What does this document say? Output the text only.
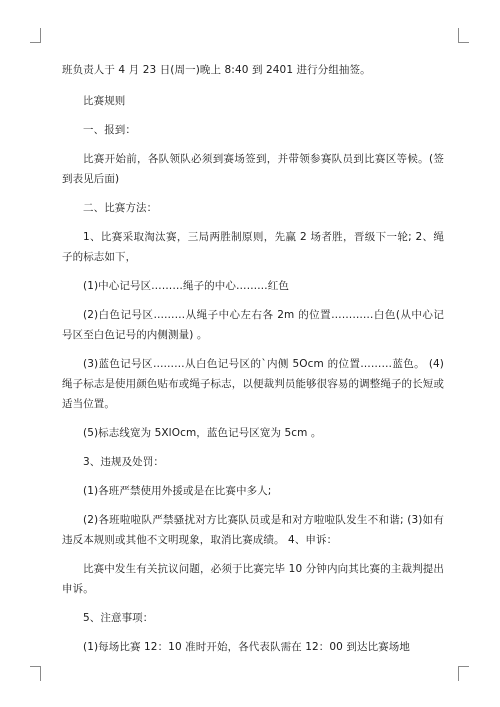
班负责人于 4 月 23 日(周一)晚上 8:40 到 2401 进行分组抽签。

比赛规则

一、报到：

比赛开始前，各队领队必须到赛场签到，并带领参赛队员到比赛区等候。(签到表见后面)

二、比赛方法：

1、比赛采取淘汰赛，三局两胜制原则，先赢 2 场者胜，晋级下一轮; 2、绳子的标志如下，

(1)中心记号区………绳子的中心………红色

(2)白色记号区………从绳子中心左右各 2m 的位置…………白色(从中心记号区至白色记号的内侧测量) 。

(3)蓝色记号区………从白色记号区的`内侧 5Ocm 的位置………蓝色。 (4)绳子标志是使用颜色贴布或绳子标志，以便裁判员能够很容易的调整绳子的长短或适当位置。

(5)标志线宽为 5XlOcm，蓝色记号区宽为 5cm 。

3、违规及处罚：

(1)各班严禁使用外援或是在比赛中多人;

(2)各班啦啦队严禁骚扰对方比赛队员或是和对方啦啦队发生不和谐; (3)如有违反本规则或其他不文明现象，取消比赛成绩。 4、申诉：

比赛中发生有关抗议问题，必须于比赛完毕 10 分钟内向其比赛的主裁判提出申诉。

5、注意事项：

(1)每场比赛 12：10 准时开始，各代表队需在 12：00 到达比赛场地
